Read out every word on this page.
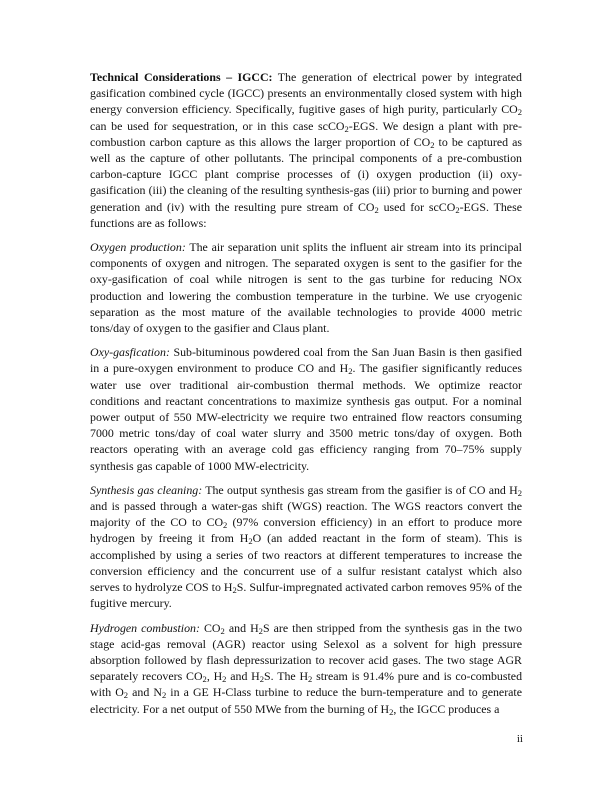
Technical Considerations – IGCC: The generation of electrical power by integrated gasification combined cycle (IGCC) presents an environmentally closed system with high energy conversion efficiency. Specifically, fugitive gases of high purity, particularly $CO_2$ can be used for sequestration, or in this case scCO$_2$-EGS. We design a plant with pre-combustion carbon capture as this allows the larger proportion of $CO_2$ to be captured as well as the capture of other pollutants. The principal components of a pre-combustion carbon-capture IGCC plant comprise processes of (i) oxygen production (ii) oxy-gasification (iii) the cleaning of the resulting synthesis-gas (iii) prior to burning and power generation and (iv) with the resulting pure stream of $CO_2$ used for scCO$_2$-EGS. These functions are as follows:

Oxygen production: The air separation unit splits the influent air stream into its principal components of oxygen and nitrogen. The separated oxygen is sent to the gasifier for the oxy-gasification of coal while nitrogen is sent to the gas turbine for reducing NOx production and lowering the combustion temperature in the turbine. We use cryogenic separation as the most mature of the available technologies to provide 4000 metric tons/day of oxygen to the gasifier and Claus plant.

Oxy-gasfication: Sub-bituminous powdered coal from the San Juan Basin is then gasified in a pure-oxygen environment to produce CO and $H_2$. The gasifier significantly reduces water use over traditional air-combustion thermal methods. We optimize reactor conditions and reactant concentrations to maximize synthesis gas output. For a nominal power output of 550 MW-electricity we require two entrained flow reactors consuming 7000 metric tons/day of coal water slurry and 3500 metric tons/day of oxygen. Both reactors operating with an average cold gas efficiency ranging from 70–75% supply synthesis gas capable of 1000 MW-electricity.

Synthesis gas cleaning: The output synthesis gas stream from the gasifier is of CO and $H_2$ and is passed through a water-gas shift (WGS) reaction. The WGS reactors convert the majority of the CO to $CO_2$ (97% conversion efficiency) in an effort to produce more hydrogen by freeing it from $H_2O$ (an added reactant in the form of steam). This is accomplished by using a series of two reactors at different temperatures to increase the conversion efficiency and the concurrent use of a sulfur resistant catalyst which also serves to hydrolyze COS to $H_2S$. Sulfur-impregnated activated carbon removes 95% of the fugitive mercury.

Hydrogen combustion: $CO_2$ and $H_2S$ are then stripped from the synthesis gas in the two stage acid-gas removal (AGR) reactor using Selexol as a solvent for high pressure absorption followed by flash depressurization to recover acid gases. The two stage AGR separately recovers $CO_2$, $H_2$ and $H_2S$. The $H_2$ stream is 91.4% pure and is co-combusted with $O_2$ and $N_2$ in a GE H-Class turbine to reduce the burn-temperature and to generate electricity. For a net output of 550 MWe from the burning of $H_2$, the IGCC produces a

ii
